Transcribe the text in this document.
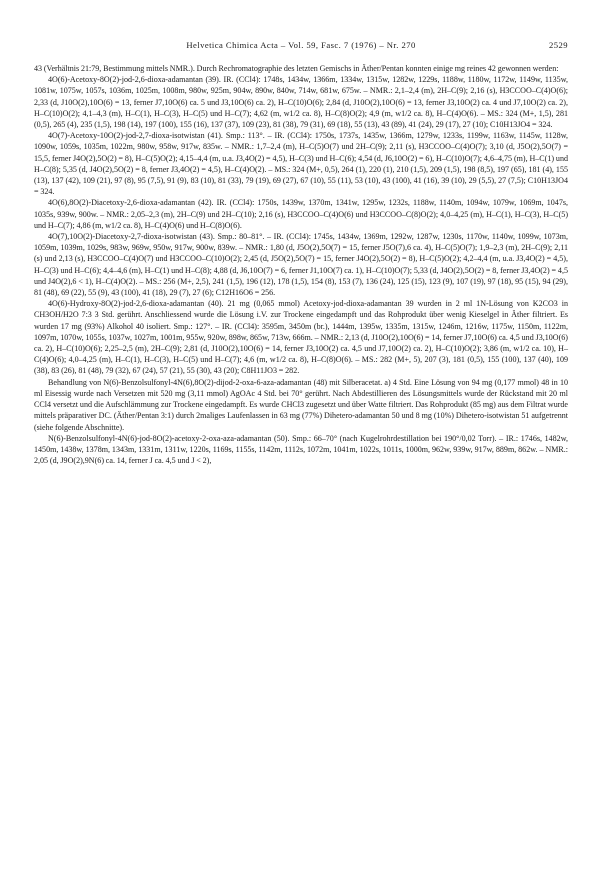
Helvetica Chimica Acta – Vol. 59, Fasc. 7 (1976) – Nr. 270	2529

43 (Verhältnis 21:79, Bestimmung mittels NMR.). Durch Rechromatographie des letzten Gemischs in Äther/Pentan konnten einige mg reines 42 gewonnen werden:

4O(6)-Acetoxy-8O(2)-jod-2,6-dioxa-adamantan (39). IR. (CCl4): 1748s, 1434w, 1366m, 1334w, 1315w, 1282w, 1229s, 1188w, 1180w, 1172w, 1149w, 1135w, 1081w, 1075w, 1057s, 1036m, 1025m, 1008m, 980w, 925m, 904w, 890w, 840w, 714w, 681w, 675w. – NMR.: 2,1–2,4 (m), 2H–C(9); 2,16 (s), H3CCOO–C(4)O(6); 2,33 (d, J10O(2),10O(6) = 13, ferner J7,10O(6) ca. 5 und J3,10O(6) ca. 2), H–C(10)O(6); 2,84 (d, J10O(2),10O(6) = 13, ferner J3,10O(2) ca. 4 und J7,10O(2) ca. 2), H–C(10)O(2); 4,1–4,3 (m), H–C(1), H–C(3), H–C(5) und H–C(7); 4,62 (m, w1/2 ca. 8), H–C(8)O(2); 4,9 (m, w1/2 ca. 8), H–C(4)O(6). – MS.: 324 (M+, 1,5), 281 (0,5), 265 (4), 235 (1,5), 198 (14), 197 (100), 155 (16), 137 (37), 109 (23), 81 (38), 79 (31), 69 (18), 55 (13), 43 (89), 41 (24), 29 (17), 27 (10); C10H13JO4 = 324.

4O(7)-Acetoxy-10O(2)-jod-2,7-dioxa-isotwistan (41). Smp.: 113°. – IR. (CCl4): 1750s, 1737s, 1435w, 1366m, 1279w, 1233s, 1199w, 1163w, 1145w, 1128w, 1090w, 1059s, 1035m, 1022m, 980w, 958w, 917w, 835w. – NMR.: 1,7–2,4 (m), H–C(5)O(7) und 2H–C(9); 2,11 (s), H3CCOO–C(4)O(7); 3,10 (d, J5O(2),5O(7) = 15,5, ferner J4O(2),5O(2) = 8), H–C(5)O(2); 4,15–4,4 (m, u.a. J3,4O(2) = 4,5), H–C(3) und H–C(6); 4,54 (d, J6,10O(2) = 6), H–C(10)O(7); 4,6–4,75 (m), H–C(1) und H–C(8); 5,35 (d, J4O(2),5O(2) = 8, ferner J3,4O(2) = 4,5), H–C(4)O(2). – MS.: 324 (M+, 0,5), 264 (1), 220 (1), 210 (1,5), 209 (1,5), 198 (8,5), 197 (65), 181 (4), 155 (13), 137 (42), 109 (21), 97 (8), 95 (7,5), 91 (9), 83 (10), 81 (33), 79 (19), 69 (27), 67 (10), 55 (11), 53 (10), 43 (100), 41 (16), 39 (10), 29 (5,5), 27 (7,5); C10H13JO4 = 324.

4O(6),8O(2)-Diacetoxy-2,6-dioxa-adamantan (42). IR. (CCl4): 1750s, 1439w, 1370m, 1341w, 1295w, 1232s, 1188w, 1140m, 1094w, 1079w, 1069m, 1047s, 1035s, 939w, 900w. – NMR.: 2,05–2,3 (m), 2H–C(9) und 2H–C(10); 2,16 (s), H3CCOO–C(4)O(6) und H3CCOO–C(8)O(2); 4,0–4,25 (m), H–C(1), H–C(3), H–C(5) und H–C(7); 4,86 (m, w1/2 ca. 8), H–C(4)O(6) und H–C(8)O(6).

4O(7),10O(2)-Diacetoxy-2,7-dioxa-isotwistan (43). Smp.: 80–81°. – IR. (CCl4): 1745s, 1434w, 1369m, 1292w, 1287w, 1230s, 1170w, 1140w, 1099w, 1073m, 1059m, 1039m, 1029s, 983w, 969w, 950w, 917w, 900w, 839w. – NMR.: 1,80 (d, J5O(2),5O(7) = 15, ferner J5O(7),6 ca. 4), H–C(5)O(7); 1,9–2,3 (m), 2H–C(9); 2,11 (s) und 2,13 (s), H3CCOO–C(4)O(7) und H3CCOO–C(10)O(2); 2,45 (d, J5O(2),5O(7) = 15, ferner J4O(2),5O(2) = 8), H–C(5)O(2); 4,2–4,4 (m, u.a. J3,4O(2) = 4,5), H–C(3) und H–C(6); 4,4–4,6 (m), H–C(1) und H–C(8); 4,88 (d, J6,10O(7) = 6, ferner J1,10O(7) ca. 1), H–C(10)O(7); 5,33 (d, J4O(2),5O(2) = 8, ferner J3,4O(2) = 4,5 und J4O(2),6 < 1), H–C(4)O(2). – MS.: 256 (M+, 2,5), 241 (1,5), 196 (12), 178 (1,5), 154 (8), 153 (7), 136 (24), 125 (15), 123 (9), 107 (19), 97 (18), 95 (15), 94 (29), 81 (48), 69 (22), 55 (9), 43 (100), 41 (18), 29 (7), 27 (6); C12H16O6 = 256.

4O(6)-Hydroxy-8O(2)-jod-2,6-dioxa-adamantan (40). 21 mg (0,065 mmol) Acetoxy-jod-dioxa-adamantan 39 wurden in 2 ml 1N-Lösung von K2CO3 in CH3OH/H2O 7:3 3 Std. gerührt. Anschliessend wurde die Lösung i.V. zur Trockene eingedampft und das Rohprodukt über wenig Kieselgel in Äther filtriert. Es wurden 17 mg (93%) Alkohol 40 isoliert. Smp.: 127°. – IR. (CCl4): 3595m, 3450m (br.), 1444m, 1395w, 1335m, 1315w, 1246m, 1216w, 1175w, 1150m, 1122m, 1097m, 1070w, 1055s, 1037w, 1027m, 1001m, 955w, 920w, 898w, 865w, 713w, 666m. – NMR.: 2,13 (d, J10O(2),10O(6) = 14, ferner J7,10O(6) ca. 4,5 und J3,10O(6) ca. 2), H–C(10)O(6); 2,25–2,5 (m), 2H–C(9); 2,81 (d, J10O(2),10O(6) = 14, ferner J3,10O(2) ca. 4,5 und J7,10O(2) ca. 2), H–C(10)O(2); 3,86 (m, w1/2 ca. 10), H–C(4)O(6); 4,0–4,25 (m), H–C(1), H–C(3), H–C(5) und H–C(7); 4,6 (m, w1/2 ca. 8), H–C(8)O(6). – MS.: 282 (M+, 5), 207 (3), 181 (0,5), 155 (100), 137 (40), 109 (38), 83 (26), 81 (48), 79 (32), 67 (24), 57 (21), 55 (30), 43 (20); C8H11JO3 = 282.

Behandlung von N(6)-Benzolsulfonyl-4N(6),8O(2)-dijod-2-oxa-6-aza-adamantan (48) mit Silberacetat. a) 4 Std. Eine Lösung von 94 mg (0,177 mmol) 48 in 10 ml Eisessig wurde nach Versetzen mit 520 mg (3,11 mmol) AgOAc 4 Std. bei 70° gerührt. Nach Abdestillieren des Lösungsmittels wurde der Rückstand mit 20 ml CCl4 versetzt und die Aufschlämmung zur Trockene eingedampft. Es wurde CHCl3 zugesetzt und über Watte filtriert. Das Rohprodukt (85 mg) aus dem Filtrat wurde mittels präparativer DC. (Äther/Pentan 3:1) durch 2maliges Laufenlassen in 63 mg (77%) Dihetero-adamantan 50 und 8 mg (10%) Dihetero-isotwistan 51 aufgetrennt (siehe folgende Abschnitte).

N(6)-Benzolsulfonyl-4N(6)-jod-8O(2)-acetoxy-2-oxa-aza-adamantan (50). Smp.: 66–70° (nach Kugelrohrdestillation bei 190°/0,02 Torr). – IR.: 1746s, 1482w, 1450m, 1438w, 1378m, 1343m, 1331m, 1311w, 1220s, 1169s, 1155s, 1142m, 1112s, 1072m, 1041m, 1022s, 1011s, 1000m, 962w, 939w, 917w, 889m, 862w. – NMR.: 2,05 (d, J9O(2),9N(6) ca. 14, ferner J ca. 4,5 und J < 2),
